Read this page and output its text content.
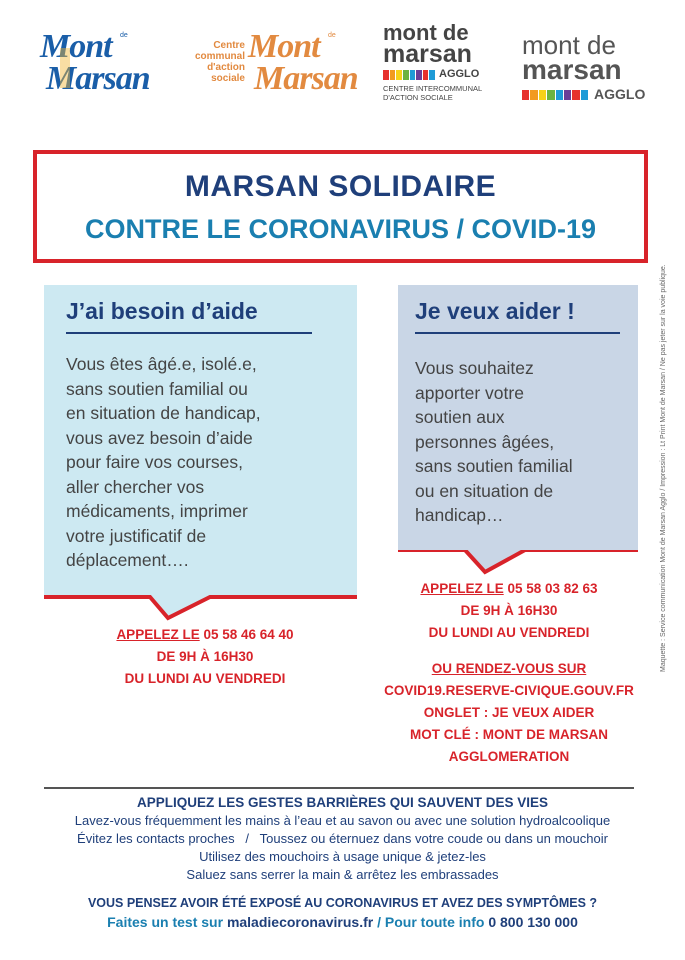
Mont de
Marsan
Centre
communal
d'action
sociale
Mont de
Marsan
mont de
marsan
AGGLO
CENTRE INTERCOMMUNAL
D'ACTION SOCIALE
mont de
marsan
AGGLO
MARSAN SOLIDAIRE
CONTRE LE CORONAVIRUS / COVID-19
J’ai besoin d’aide
Vous êtes âgé.e, isolé.e,
sans soutien familial ou
en situation de handicap,
vous avez besoin d’aide
pour faire vos courses,
aller chercher vos
médicaments, imprimer
votre justificatif de
déplacement….
Je veux aider !
Vous souhaitez
apporter votre
soutien aux
personnes âgées,
sans soutien familial
ou en situation de
handicap…
APPELEZ LE 05 58 46 64 40
DE 9H À 16H30
DU LUNDI AU VENDREDI
APPELEZ LE 05 58 03 82 63
DE 9H À 16H30
DU LUNDI AU VENDREDI
OU RENDEZ-VOUS SUR
COVID19.RESERVE-CIVIQUE.GOUV.FR
ONGLET : JE VEUX AIDER
MOT CLÉ : MONT DE MARSAN
AGGLOMERATION
APPLIQUEZ LES GESTES BARRIÈRES QUI SAUVENT DES VIES
Lavez-vous fréquemment les mains à l’eau et au savon ou avec une solution hydroalcoolique
Évitez les contacts proches   /   Toussez ou éternuez dans votre coude ou dans un mouchoir
Utilisez des mouchoirs à usage unique & jetez-les
Saluez sans serrer la main & arrêtez les embrassades
VOUS PENSEZ AVOIR ÉTÉ EXPOSÉ AU CORONAVIRUS ET AVEZ DES SYMPTÔMES ?
Faites un test sur maladiecoronavirus.fr / Pour toute info 0 800 130 000
Maquette : Service communication Mont de Marsan Agglo / Impression : Lt Print Mont de Marsan / Ne pas jeter sur la voie publique.
